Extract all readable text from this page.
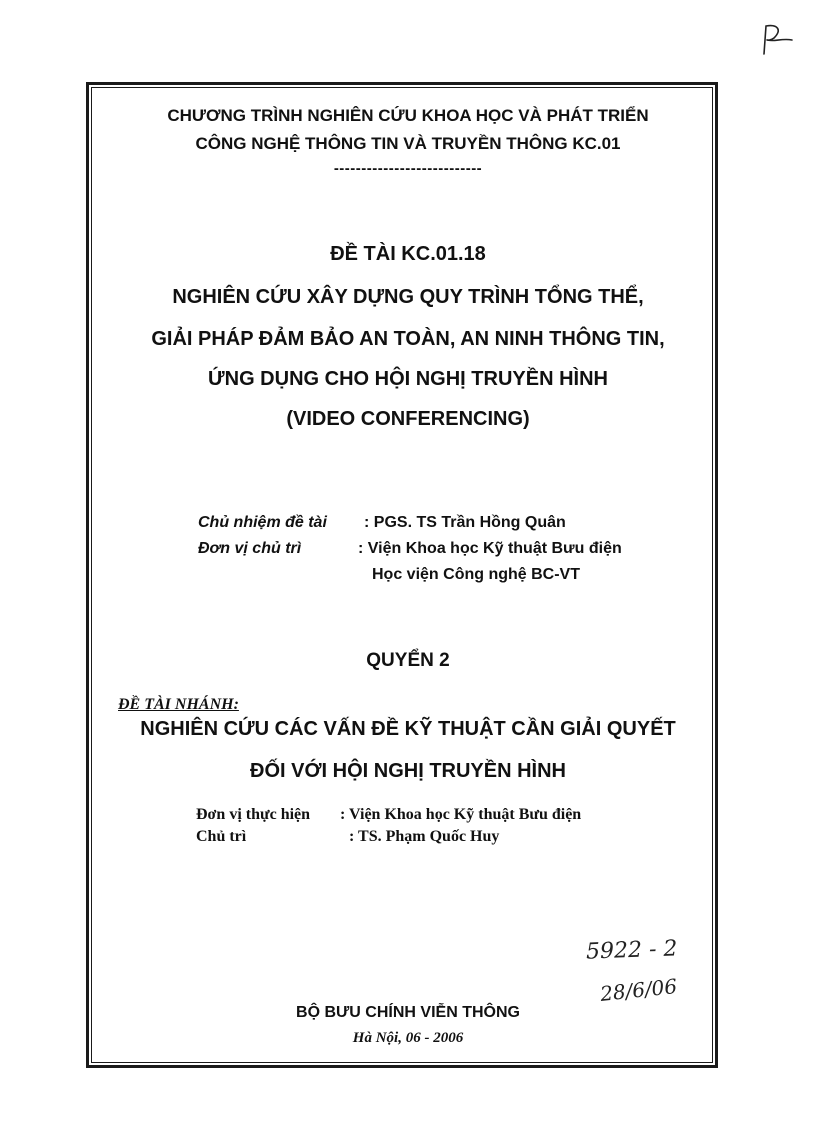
CHƯƠNG TRÌNH NGHIÊN CỨU KHOA HỌC VÀ PHÁT TRIỂN
CÔNG NGHỆ THÔNG TIN VÀ TRUYỀN THÔNG KC.01
---------------------------
ĐỀ TÀI KC.01.18
NGHIÊN CỨU XÂY DỰNG QUY TRÌNH TỔNG THỂ,
GIẢI PHÁP ĐẢM BẢO AN TOÀN, AN NINH THÔNG TIN,
ỨNG DỤNG CHO HỘI NGHỊ TRUYỀN HÌNH
(VIDEO CONFERENCING)
Chủ nhiệm đề tài : PGS. TS Trần Hồng Quân
Đơn vị chủ trì	: Viện Khoa học Kỹ thuật Bưu điện
Học viện Công nghệ BC-VT
QUYỂN 2
ĐỀ TÀI NHÁNH:
NGHIÊN CỨU CÁC VẤN ĐỀ KỸ THUẬT CẦN GIẢI QUYẾT
ĐỐI VỚI HỘI NGHỊ TRUYỀN HÌNH
Đơn vị thực hiện : Viện Khoa học Kỹ thuật Bưu điện
Chủ trì	: TS. Phạm Quốc Huy
5922 - 2
28/6/06
BỘ BƯU CHÍNH VIỄN THÔNG
Hà Nội, 06 - 2006
